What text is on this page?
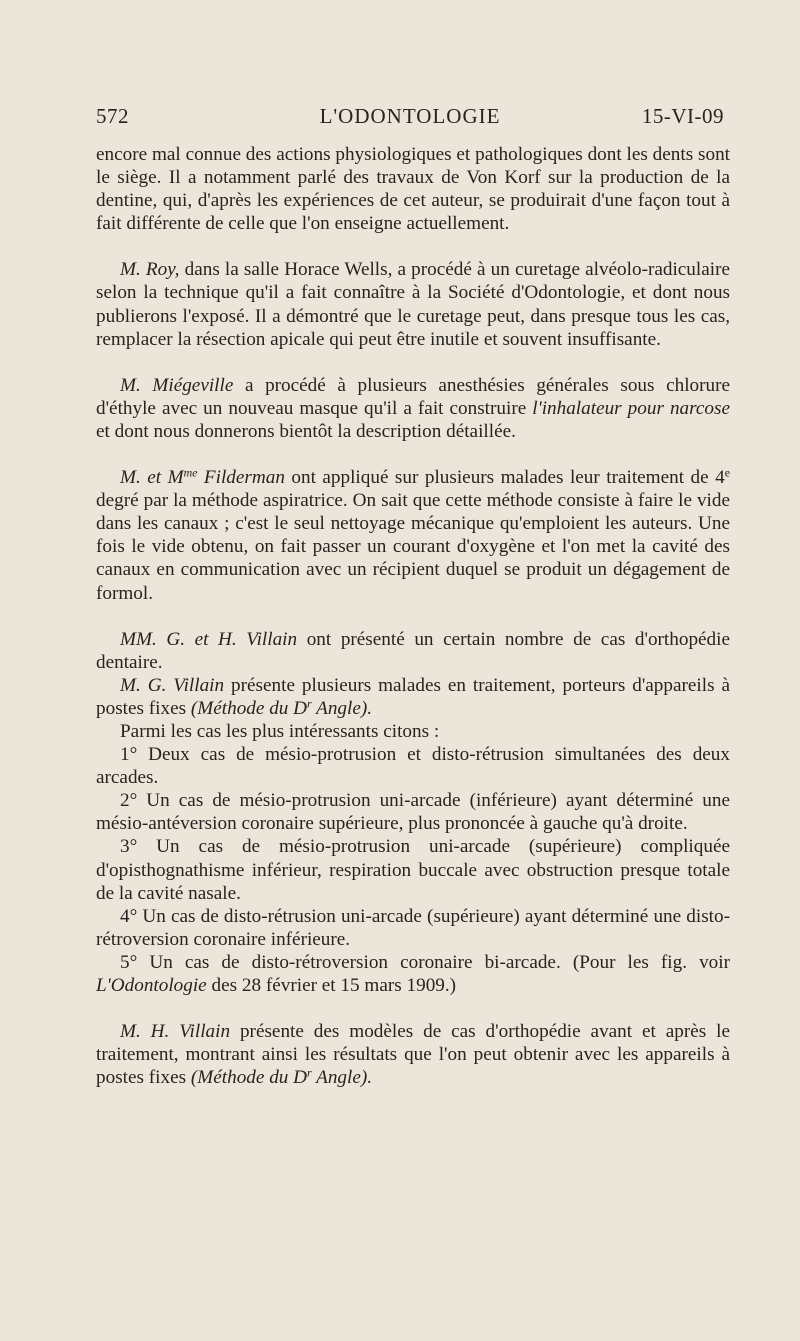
572	L'ODONTOLOGIE	15-VI-09

encore mal connue des actions physiologiques et pathologiques dont les dents sont le siège. Il a notamment parlé des travaux de Von Korf sur la production de la dentine, qui, d'après les expériences de cet auteur, se produirait d'une façon tout à fait différente de celle que l'on enseigne actuellement.

M. Roy, dans la salle Horace Wells, a procédé à un curetage alvéolo-radiculaire selon la technique qu'il a fait connaître à la Société d'Odontologie, et dont nous publierons l'exposé. Il a démontré que le curetage peut, dans presque tous les cas, remplacer la résection apicale qui peut être inutile et souvent insuffisante.

M. Miégeville a procédé à plusieurs anesthésies générales sous chlorure d'éthyle avec un nouveau masque qu'il a fait construire l'inhalateur pour narcose et dont nous donnerons bientôt la description détaillée.

M. et $M^{me}$ Filderman ont appliqué sur plusieurs malades leur traitement de 4e degré par la méthode aspiratrice. On sait que cette méthode consiste à faire le vide dans les canaux ; c'est le seul nettoyage mécanique qu'emploient les auteurs. Une fois le vide obtenu, on fait passer un courant d'oxygène et l'on met la cavité des canaux en communication avec un récipient duquel se produit un dégagement de formol.

MM. G. et H. Villain ont présenté un certain nombre de cas d'orthopédie dentaire.

M. G. Villain présente plusieurs malades en traitement, porteurs d'appareils à postes fixes (Méthode du $D^r$ Angle).

Parmi les cas les plus intéressants citons :

1° Deux cas de mésio-protrusion et disto-rétrusion simultanées des deux arcades.

2° Un cas de mésio-protrusion uni-arcade (inférieure) ayant déterminé une mésio-antéversion coronaire supérieure, plus prononcée à gauche qu'à droite.

3° Un cas de mésio-protrusion uni-arcade (supérieure) compliquée d'opisthognathisme inférieur, respiration buccale avec obstruction presque totale de la cavité nasale.

4° Un cas de disto-rétrusion uni-arcade (supérieure) ayant déterminé une disto-rétroversion coronaire inférieure.

5° Un cas de disto-rétroversion coronaire bi-arcade. (Pour les fig. voir L'Odontologie des 28 février et 15 mars 1909.)

M. H. Villain présente des modèles de cas d'orthopédie avant et après le traitement, montrant ainsi les résultats que l'on peut obtenir avec les appareils à postes fixes (Méthode du $D^r$ Angle).
